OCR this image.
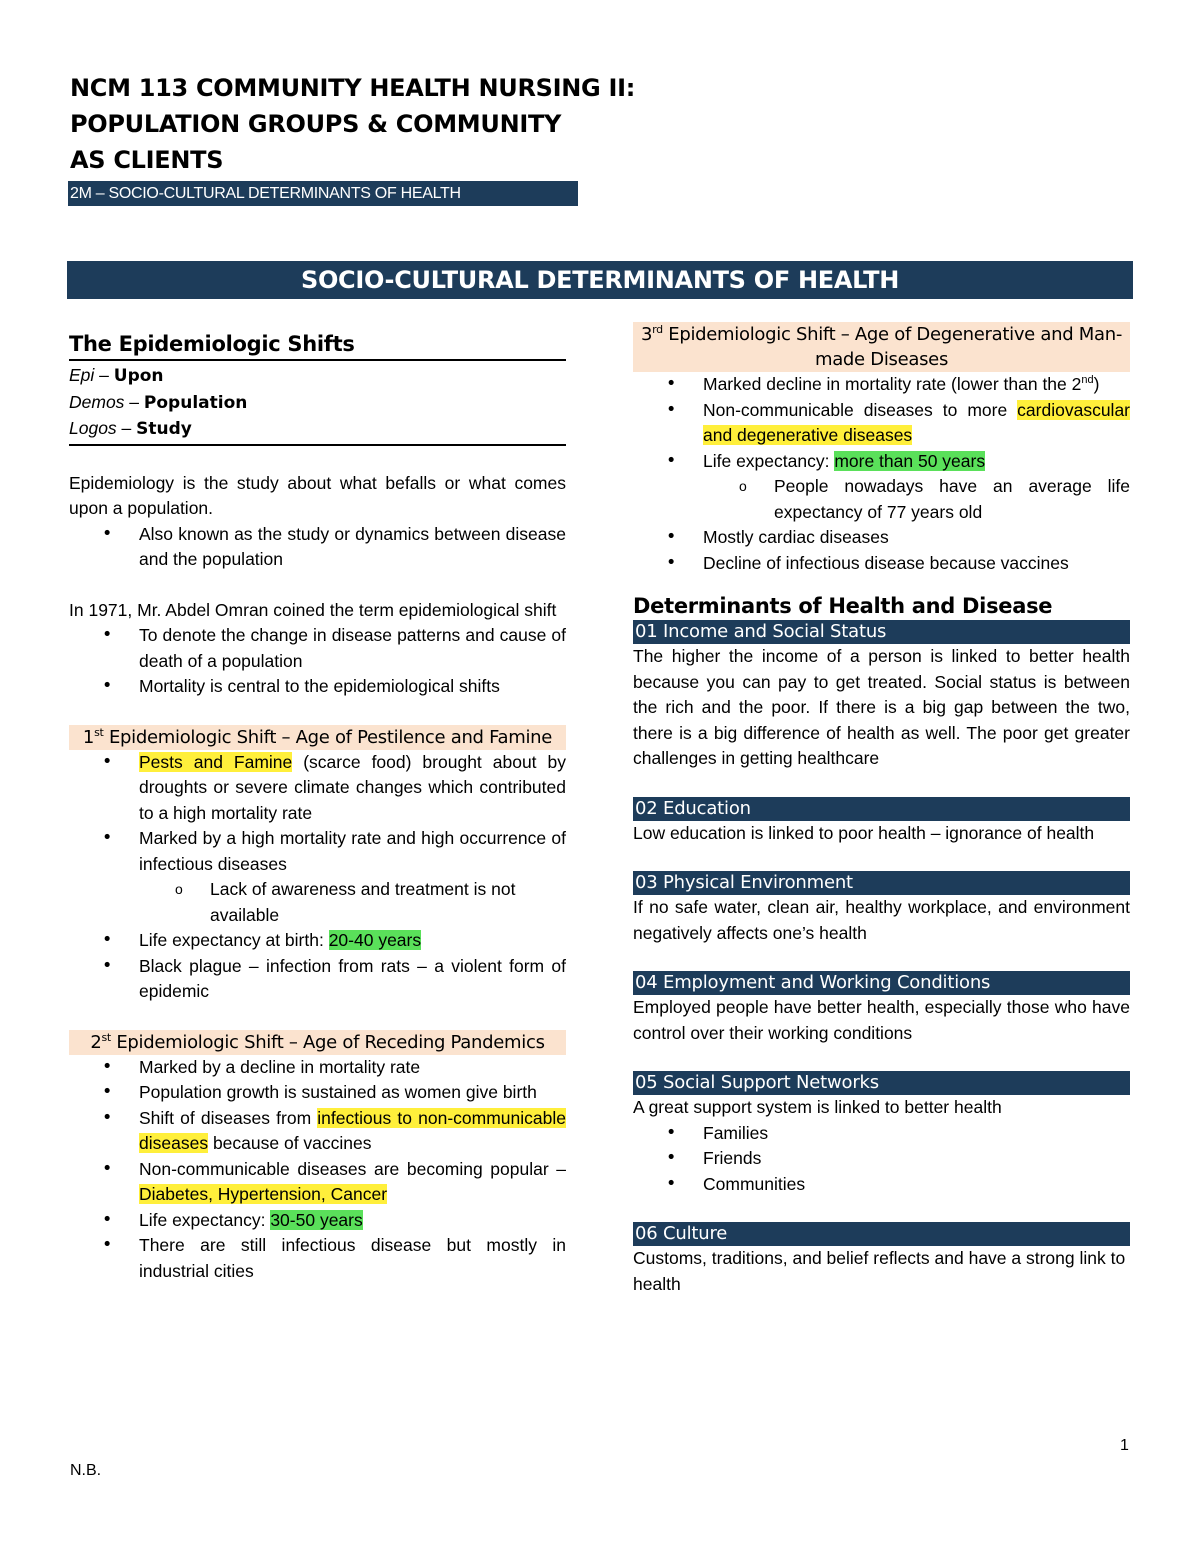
NCM 113 COMMUNITY HEALTH NURSING II:
POPULATION GROUPS & COMMUNITY
AS CLIENTS
2M – SOCIO-CULTURAL DETERMINANTS OF HEALTH
SOCIO-CULTURAL DETERMINANTS OF HEALTH
The Epidemiologic Shifts

Epi – Upon

Demos – Population

Logos – Study

Epidemiology is the study about what befalls or what comes upon a population.

• Also known as the study or dynamics between disease and the population

In 1971, Mr. Abdel Omran coined the term epidemiological shift

• To denote the change in disease patterns and cause of death of a population
• Mortality is central to the epidemiological shifts
1st Epidemiologic Shift – Age of Pestilence and Famine
• Pests and Famine (scarce food) brought about by droughts or severe climate changes which contributed to a high mortality rate
• Marked by a high mortality rate and high occurrence of infectious diseases
o Lack of awareness and treatment is not available
• Life expectancy at birth: 20-40 years
• Black plague – infection from rats – a violent form of epidemic
2st Epidemiologic Shift – Age of Receding Pandemics
• Marked by a decline in mortality rate
• Population growth is sustained as women give birth
• Shift of diseases from infectious to non-communicable diseases because of vaccines
• Non-communicable diseases are becoming popular – Diabetes, Hypertension, Cancer
• Life expectancy: 30-50 years
• There are still infectious disease but mostly in industrial cities
3rd Epidemiologic Shift – Age of Degenerative and Man-made Diseases
• Marked decline in mortality rate (lower than the 2nd)
• Non-communicable diseases to more cardiovascular and degenerative diseases
• Life expectancy: more than 50 years
o People nowadays have an average life expectancy of 77 years old
• Mostly cardiac diseases
• Decline of infectious disease because vaccines
Determinants of Health and Disease
01 Income and Social Status

The higher the income of a person is linked to better health because you can pay to get treated. Social status is between the rich and the poor. If there is a big gap between the two, there is a big difference of health as well. The poor get greater challenges in getting healthcare

02 Education

Low education is linked to poor health – ignorance of health

03 Physical Environment

If no safe water, clean air, healthy workplace, and environment negatively affects one’s health

04 Employment and Working Conditions

Employed people have better health, especially those who have control over their working conditions

05 Social Support Networks

A great support system is linked to better health

• Families
• Friends
• Communities
06 Culture

Customs, traditions, and belief reflects and have a strong link to health

1
N.B.
